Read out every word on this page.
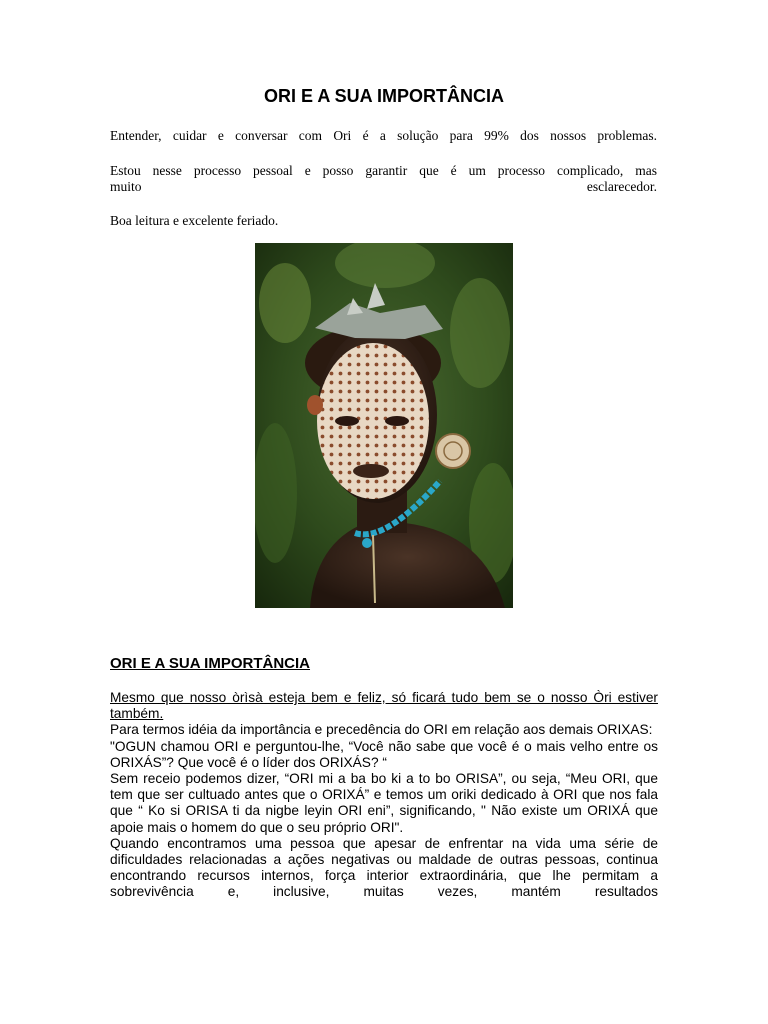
ORI E A SUA IMPORTÂNCIA
Entender, cuidar e conversar com Ori é a solução para 99% dos nossos problemas.
Estou nesse processo pessoal e posso garantir que é um processo complicado, mas
muito esclarecedor.
Boa leitura e excelente feriado.
ORI E A SUA IMPORTÂNCIA

Mesmo que nosso òrìsà esteja bem e feliz, só ficará tudo bem se o nosso Òri estiver também.

Para termos idéia da importância e precedência do ORI em relação aos demais ORIXAS:

"OGUN chamou ORI e perguntou-lhe, “Você não sabe que você é o mais velho entre os ORIXÁS”? Que você é o líder dos ORIXÁS? “

Sem receio podemos dizer, “ORI mi a ba bo ki a to bo ORISA”, ou seja, “Meu ORI, que tem que ser cultuado antes que o ORIXÁ” e temos um oriki dedicado à ORI que nos fala que “ Ko si ORISA ti da nigbe leyin ORI eni”, significando, " Não existe um ORIXÁ que apoie mais o homem do que o seu próprio ORI".

Quando encontramos uma pessoa que apesar de enfrentar na vida uma série de dificuldades relacionadas a ações negativas ou maldade de outras pessoas, continua encontrando recursos internos, força interior extraordinária, que lhe permitam a sobrevivência e, inclusive, muitas vezes, mantém resultados
